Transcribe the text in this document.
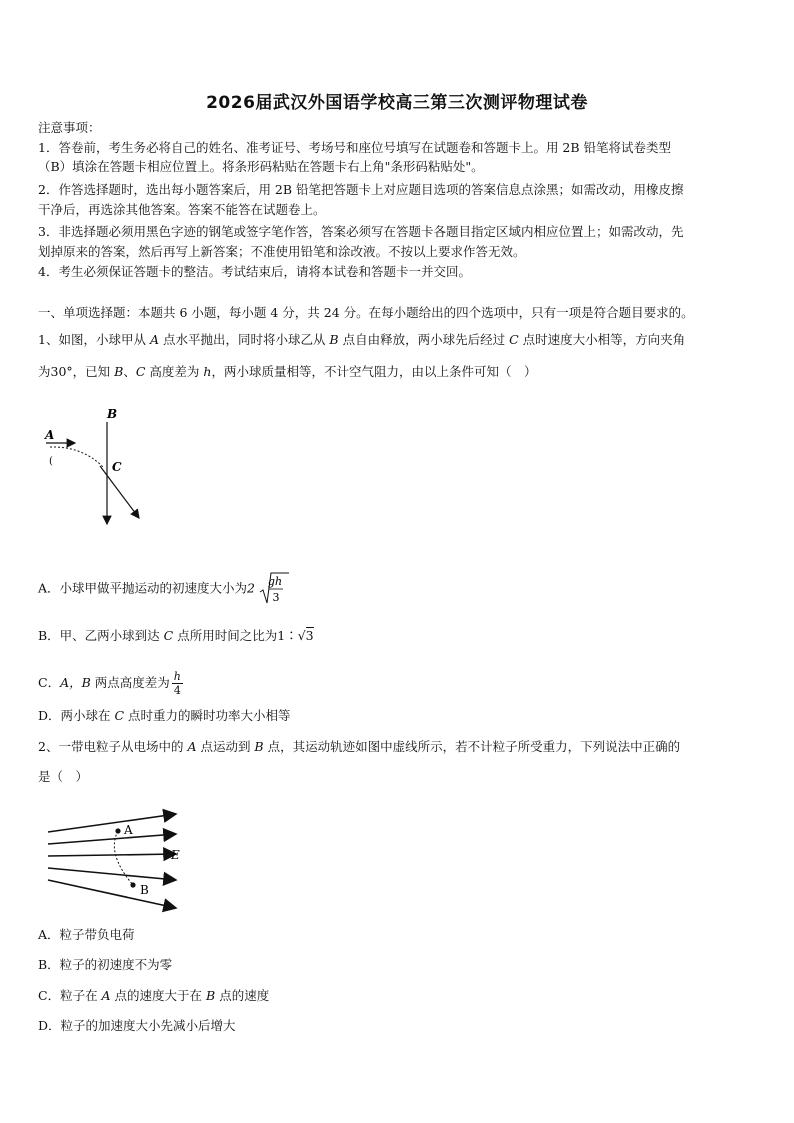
2026届武汉外国语学校高三第三次测评物理试卷
注意事项：
1．答卷前，考生务必将自己的姓名、准考证号、考场号和座位号填写在试题卷和答题卡上。用 2B 铅笔将试卷类型
（B）填涂在答题卡相应位置上。将条形码粘贴在答题卡右上角"条形码粘贴处"。
2．作答选择题时，选出每小题答案后，用 2B 铅笔把答题卡上对应题目选项的答案信息点涂黑；如需改动，用橡皮擦
干净后，再选涂其他答案。答案不能答在试题卷上。
3．非选择题必须用黑色字迹的钢笔或签字笔作答，答案必须写在答题卡各题目指定区域内相应位置上；如需改动，先
划掉原来的答案，然后再写上新答案；不准使用铅笔和涂改液。不按以上要求作答无效。
4．考生必须保证答题卡的整洁。考试结束后，请将本试卷和答题卡一并交回。
一、单项选择题：本题共 6 小题，每小题 4 分，共 24 分。在每小题给出的四个选项中，只有一项是符合题目要求的。
1、如图，小球甲从 A 点水平抛出，同时将小球乙从 B 点自由释放，两小球先后经过 C 点时速度大小相等，方向夹角
为30°，已知 B、C 高度差为 h，两小球质量相等，不计空气阻力，由以上条件可知（　）
B
A
(	C
A．小球甲做平抛运动的初速度大小为2 gh
3
B．甲、乙两小球到达 C 点所用时间之比为1∶√3
C．A，B 两点高度差为 $\frac{h}{4}$
D．两小球在 C 点时重力的瞬时功率大小相等
2、一带电粒子从电场中的 A 点运动到 B 点，其运动轨迹如图中虚线所示，若不计粒子所受重力，下列说法中正确的
是（　）
A
B
E
A．粒子带负电荷
B．粒子的初速度不为零
C．粒子在 A 点的速度大于在 B 点的速度
D．粒子的加速度大小先减小后增大
